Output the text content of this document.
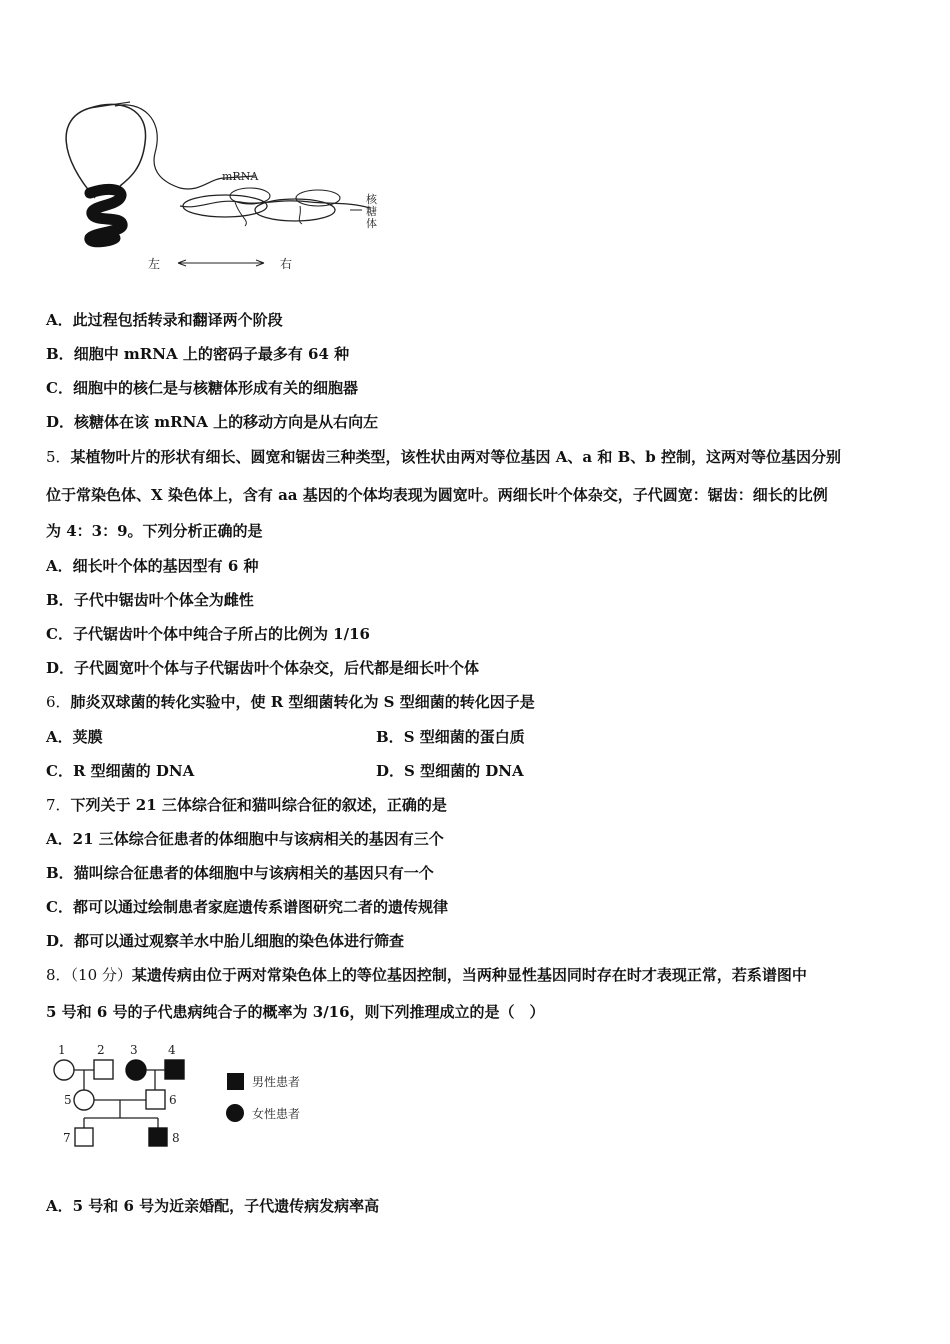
mRNA
核 糖 体
左	右
A．此过程包括转录和翻译两个阶段
B．细胞中 mRNA 上的密码子最多有 64 种
C．细胞中的核仁是与核糖体形成有关的细胞器
D．核糖体在该 mRNA 上的移动方向是从右向左
5．某植物叶片的形状有细长、圆宽和锯齿三种类型，该性状由两对等位基因 A、a 和 B、b 控制，这两对等位基因分别
位于常染色体、X 染色体上，含有 aa 基因的个体均表现为圆宽叶。两细长叶个体杂交，子代圆宽：锯齿：细长的比例
为 4：3：9。下列分析正确的是
A．细长叶个体的基因型有 6 种
B．子代中锯齿叶个体全为雌性
C．子代锯齿叶个体中纯合子所占的比例为 1/16
D．子代圆宽叶个体与子代锯齿叶个体杂交，后代都是细长叶个体
6．肺炎双球菌的转化实验中，使 R 型细菌转化为 S 型细菌的转化因子是
A．荚膜	B．S 型细菌的蛋白质
C．R 型细菌的 DNA	D．S 型细菌的 DNA
7．下列关于 21 三体综合征和猫叫综合征的叙述，正确的是
A．21 三体综合征患者的体细胞中与该病相关的基因有三个
B．猫叫综合征患者的体细胞中与该病相关的基因只有一个
C．都可以通过绘制患者家庭遗传系谱图研究二者的遗传规律
D．都可以通过观察羊水中胎儿细胞的染色体进行筛查
8．（10 分）某遗传病由位于两对常染色体上的等位基因控制，当两种显性基因同时存在时才表现正常，若系谱图中
5 号和 6 号的子代患病纯合子的概率为 3/16，则下列推理成立的是（　）
1	2 3	4
5	6
7	8
男性患者
女性患者
A．5 号和 6 号为近亲婚配，子代遗传病发病率高
